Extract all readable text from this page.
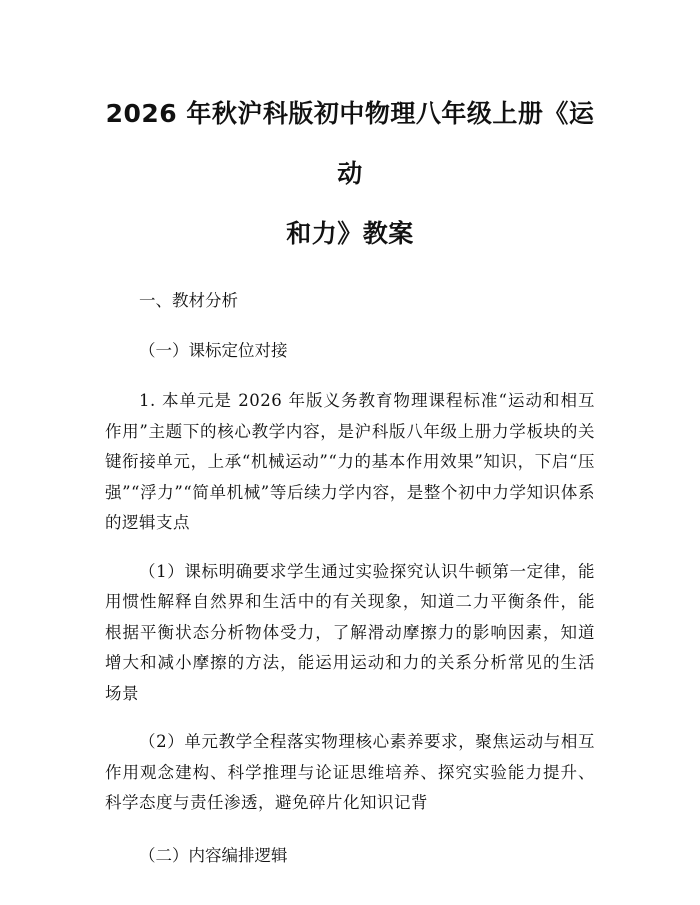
2026 年秋沪科版初中物理八年级上册《运动
和力》教案

一、教材分析

（一）课标定位对接

1. 本单元是 2026 年版义务教育物理课程标准“运动和相互作用”主题下的核心教学内容，是沪科版八年级上册力学板块的关键衔接单元，上承“机械运动”“力的基本作用效果”知识，下启“压强”“浮力”“简单机械”等后续力学内容，是整个初中力学知识体系的逻辑支点

（1）课标明确要求学生通过实验探究认识牛顿第一定律，能用惯性解释自然界和生活中的有关现象，知道二力平衡条件，能根据平衡状态分析物体受力，了解滑动摩擦力的影响因素，知道增大和减小摩擦的方法，能运用运动和力的关系分析常见的生活场景

（2）单元教学全程落实物理核心素养要求，聚焦运动与相互作用观念建构、科学推理与论证思维培养、探究实验能力提升、科学态度与责任渗透，避免碎片化知识记背

（二）内容编排逻辑
